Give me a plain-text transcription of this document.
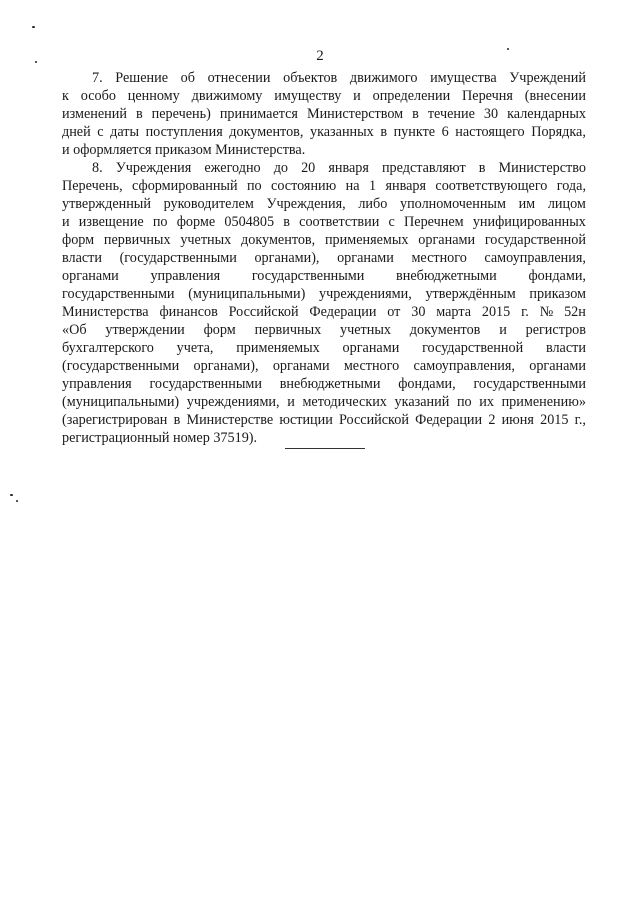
2
7. Решение об отнесении объектов движимого имущества Учреждений
к особо ценному движимому имуществу и определении Перечня (внесении
изменений в перечень) принимается Министерством в течение 30 календарных
дней с даты поступления документов, указанных в пункте 6 настоящего Порядка,
и оформляется приказом Министерства.
8. Учреждения ежегодно до 20 января представляют в Министерство
Перечень, сформированный по состоянию на 1 января соответствующего года,
утвержденный руководителем Учреждения, либо уполномоченным им лицом
и извещение по форме 0504805 в соответствии с Перечнем унифицированных
форм первичных учетных документов, применяемых органами государственной
власти (государственными органами), органами местного самоуправления,
органами управления государственными внебюджетными фондами,
государственными (муниципальными) учреждениями, утверждённым приказом
Министерства финансов Российской Федерации от 30 марта 2015 г. № 52н
«Об утверждении форм первичных учетных документов и регистров
бухгалтерского учета, применяемых органами государственной власти
(государственными органами), органами местного самоуправления, органами
управления государственными внебюджетными фондами, государственными
(муниципальными) учреждениями, и методических указаний по их применению»
(зарегистрирован в Министерстве юстиции Российской Федерации 2 июня 2015 г.,
регистрационный номер 37519).
